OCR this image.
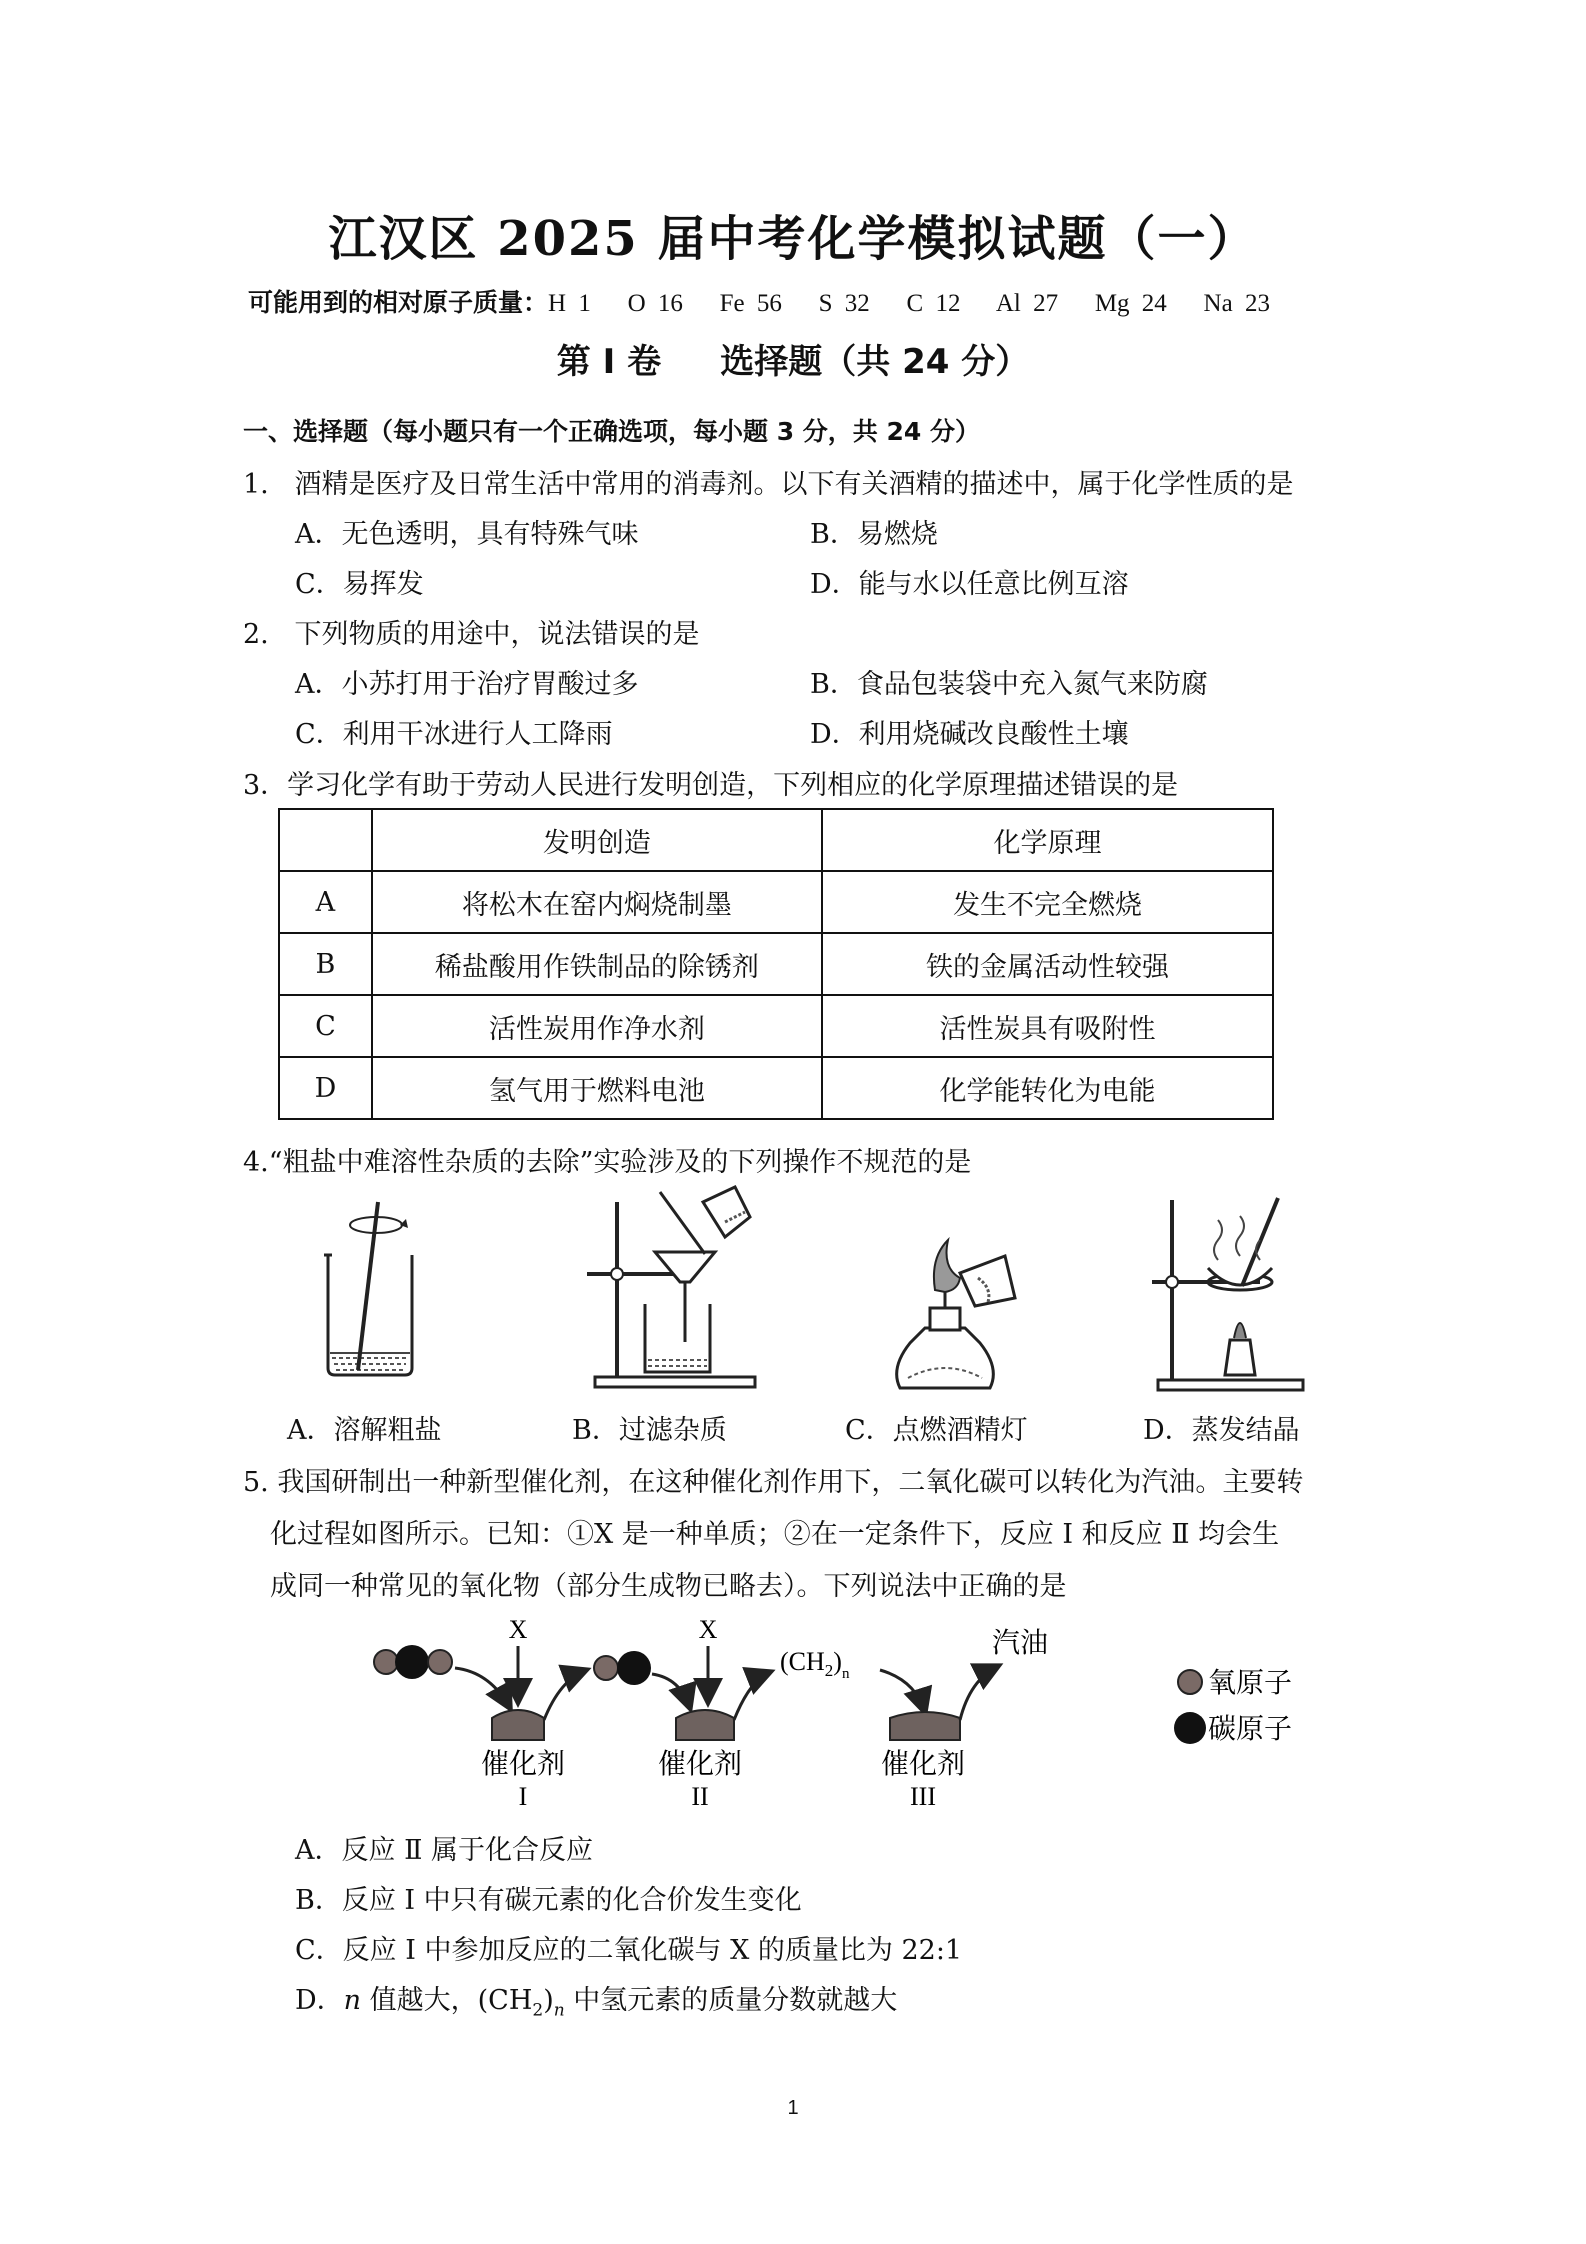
江汉区 2025 届中考化学模拟试题（一）
可能用到的相对原子质量：H 1   O 16   Fe 56   S 32   C 12   Al 27   Mg 24   Na 23
第 I 卷     选择题（共 24 分）
一、选择题（每小题只有一个正确选项，每小题 3 分，共 24 分）
1.   酒精是医疗及日常生活中常用的消毒剂。以下有关酒精的描述中，属于化学性质的是
A．无色透明，具有特殊气味	B．易燃烧
C．易挥发	D．能与水以任意比例互溶
2.   下列物质的用途中，说法错误的是
A．小苏打用于治疗胃酸过多	B．食品包装袋中充入氮气来防腐
C．利用干冰进行人工降雨	D．利用烧碱改良酸性土壤
3．学习化学有助于劳动人民进行发明创造，下列相应的化学原理描述错误的是
	发明创造	化学原理
A	将松木在窑内焖烧制墨	发生不完全燃烧
B	稀盐酸用作铁制品的除锈剂	铁的金属活动性较强
C	活性炭用作净水剂	活性炭具有吸附性
D	氢气用于燃料电池	化学能转化为电能
4.“粗盐中难溶性杂质的去除”实验涉及的下列操作不规范的是
A．溶解粗盐	B．过滤杂质	C．点燃酒精灯	D．蒸发结晶
5. 我国研制出一种新型催化剂，在这种催化剂作用下，二氧化碳可以转化为汽油。主要转
化过程如图所示。已知：①X 是一种单质；②在一定条件下，反应 Ⅰ 和反应 Ⅱ 均会生
成同一种常见的氧化物（部分生成物已略去）。下列说法中正确的是
X
催化剂
I
X
催化剂
II
$(CH_2)_n$
催化剂
III
汽油
氧原子
碳原子
A．反应 Ⅱ 属于化合反应
B．反应 Ⅰ 中只有碳元素的化合价发生变化
C．反应 Ⅰ 中参加反应的二氧化碳与 X 的质量比为 22:1
D．n 值越大，$(CH_2)_n$ 中氢元素的质量分数就越大
1
